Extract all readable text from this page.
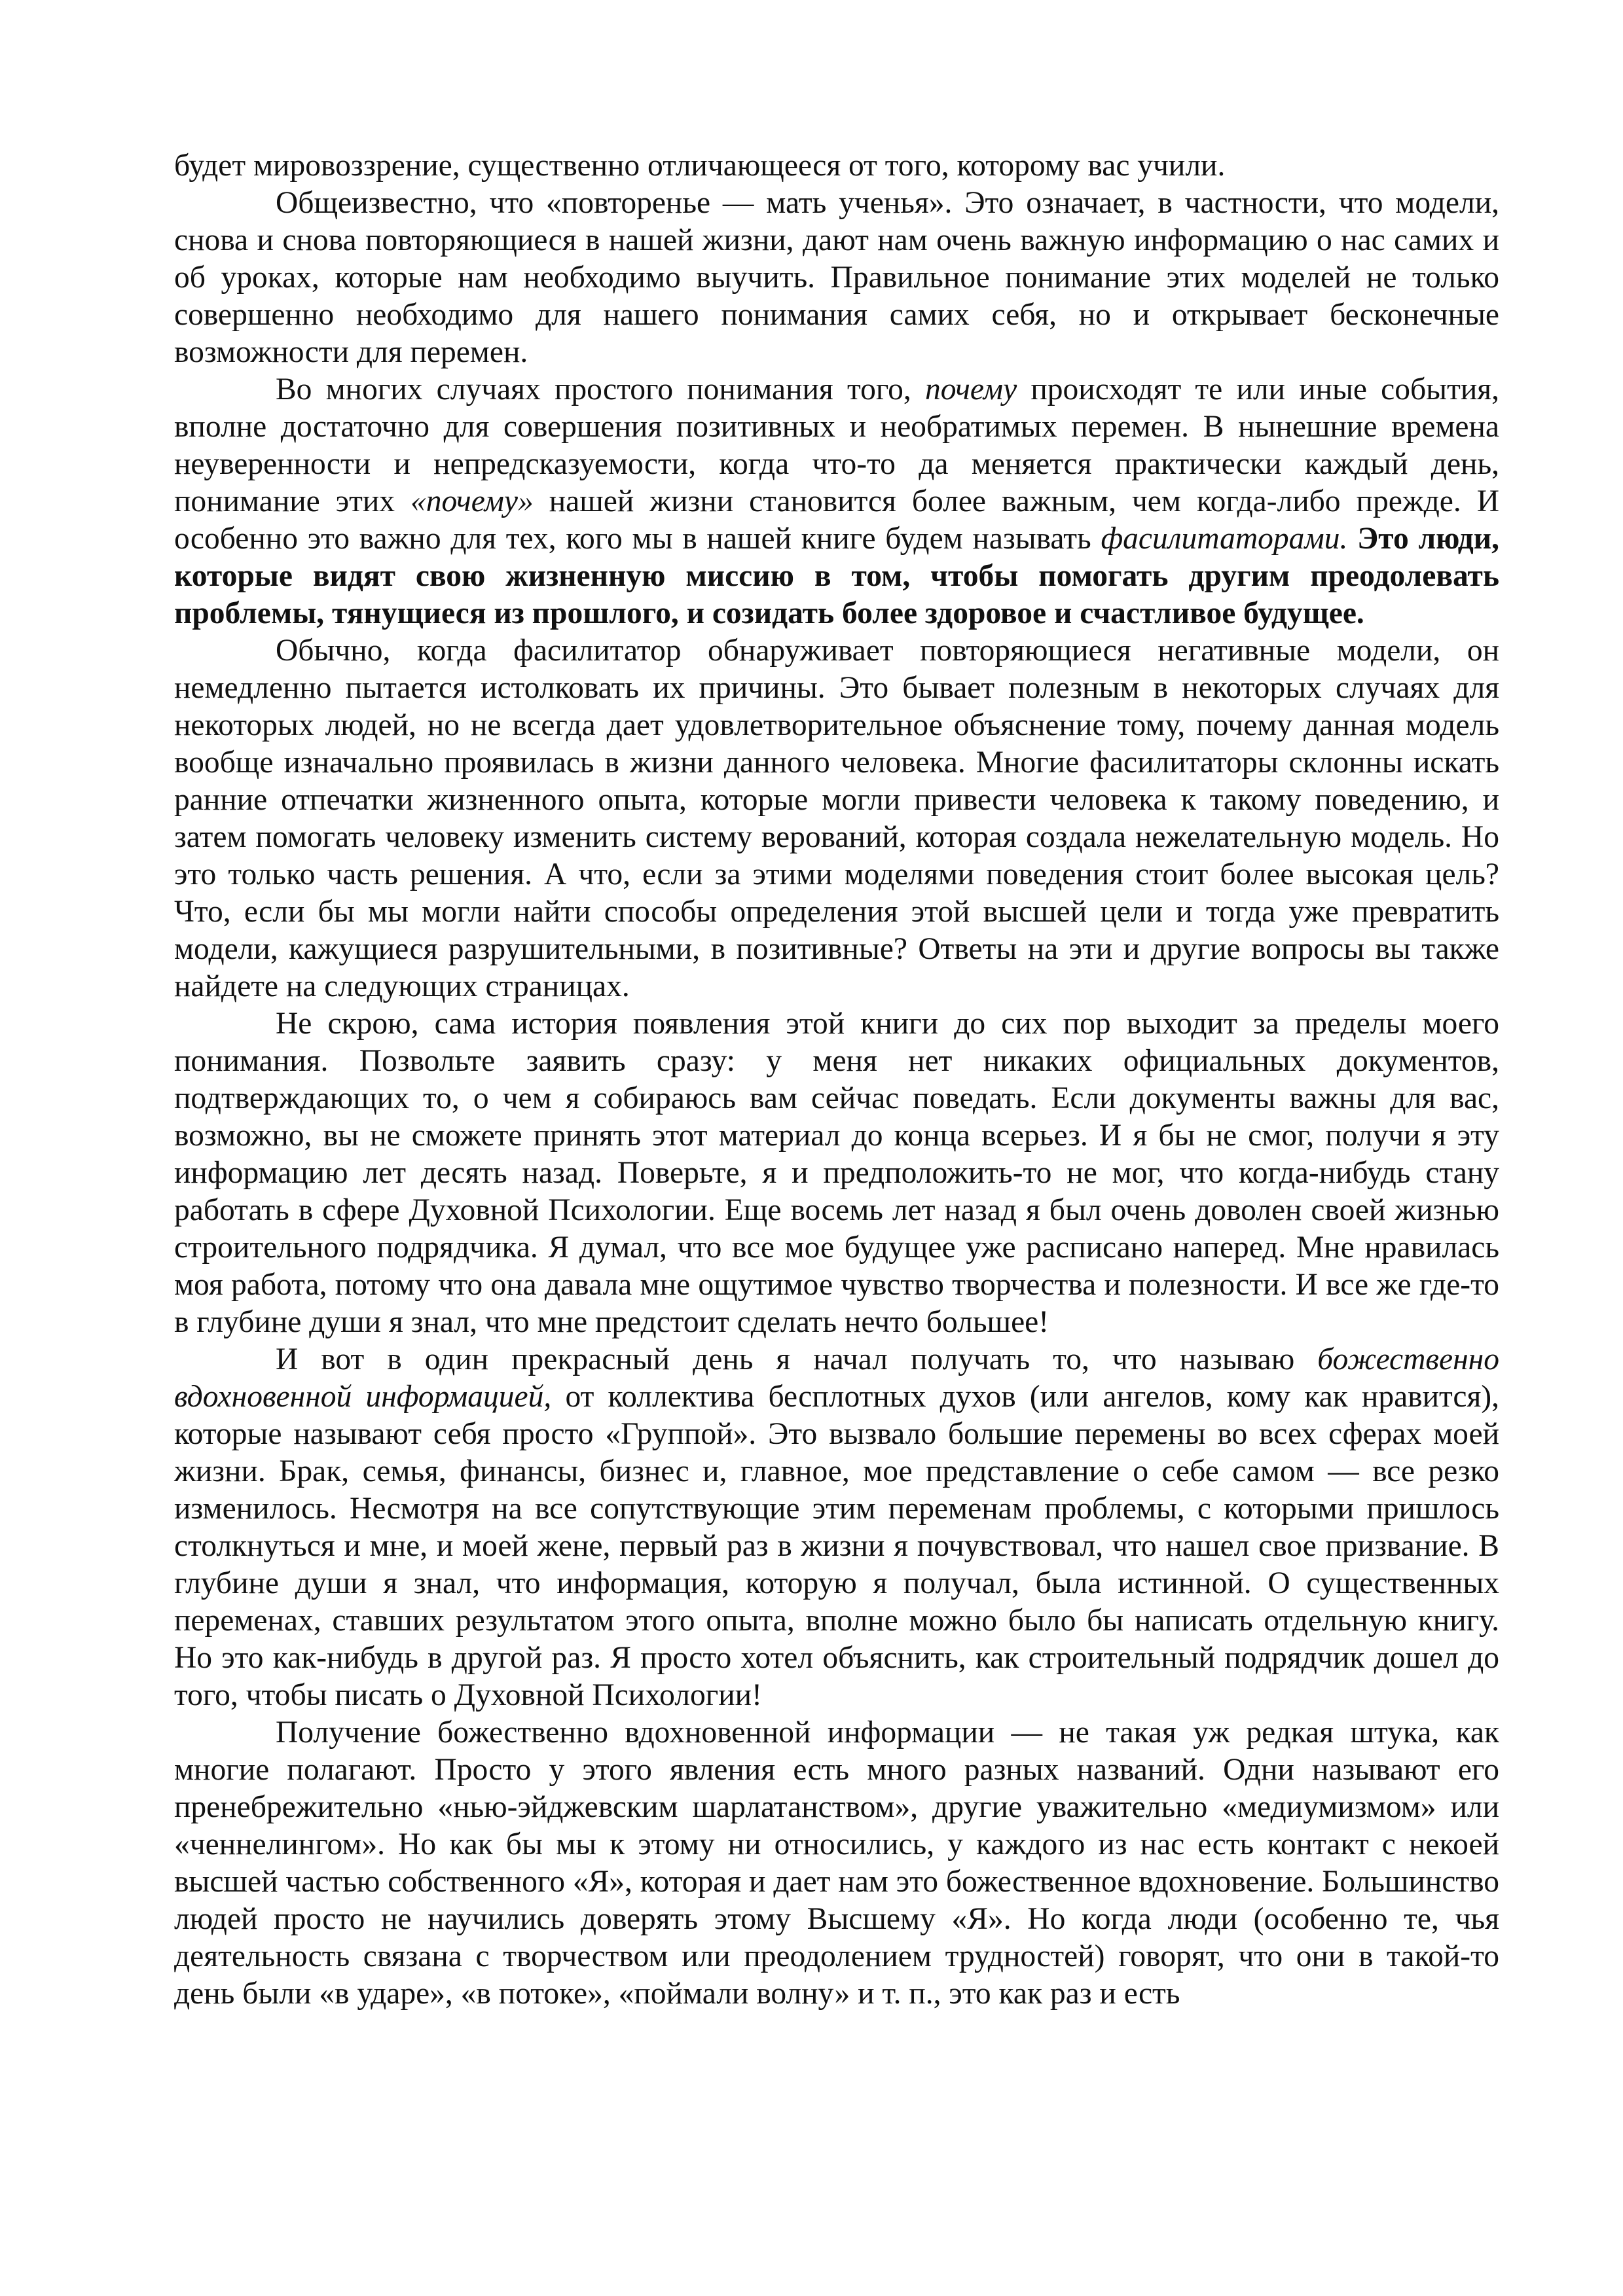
будет мировоззрение, существенно отличающееся от того, которому вас учили.

Общеизвестно, что «повторенье — мать ученья». Это означает, в частности, что модели, снова и снова повторяющиеся в нашей жизни, дают нам очень важную информацию о нас самих и об уроках, которые нам необходимо выучить. Правильное понимание этих моделей не только совершенно необходимо для нашего понимания самих себя, но и открывает бесконечные возможности для перемен.

Во многих случаях простого понимания того, почему происходят те или иные события, вполне достаточно для совершения позитивных и необратимых перемен. В нынешние времена неуверенности и непредсказуемости, когда что-то да меняется практически каждый день, понимание этих «почему» нашей жизни становится более важным, чем когда-либо прежде. И особенно это важно для тех, кого мы в нашей книге будем называть фасилитаторами. Это люди, которые видят свою жизненную миссию в том, чтобы помогать другим преодолевать проблемы, тянущиеся из прошлого, и созидать более здоровое и счастливое будущее.

Обычно, когда фасилитатор обнаруживает повторяющиеся негативные модели, он немедленно пытается истолковать их причины. Это бывает полезным в некоторых случаях для некоторых людей, но не всегда дает удовлетворительное объяснение тому, почему данная модель вообще изначально проявилась в жизни данного человека. Многие фасилитаторы склонны искать ранние отпечатки жизненного опыта, которые могли привести человека к такому поведению, и затем помогать человеку изменить систему верований, которая создала нежелательную модель. Но это только часть решения. А что, если за этими моделями поведения стоит более высокая цель? Что, если бы мы могли найти способы определения этой высшей цели и тогда уже превратить модели, кажущиеся разрушительными, в позитивные? Ответы на эти и другие вопросы вы также найдете на следующих страницах.

Не скрою, сама история появления этой книги до сих пор выходит за пределы моего понимания. Позвольте заявить сразу: у меня нет никаких официальных документов, подтверждающих то, о чем я собираюсь вам сейчас поведать. Если документы важны для вас, возможно, вы не сможете принять этот материал до конца всерьез. И я бы не смог, получи я эту информацию лет десять назад. Поверьте, я и предположить-то не мог, что когда-нибудь стану работать в сфере Духовной Психологии. Еще восемь лет назад я был очень доволен своей жизнью строительного подрядчика. Я думал, что все мое будущее уже расписано наперед. Мне нравилась моя работа, потому что она давала мне ощутимое чувство творчества и полезности. И все же где-то в глубине души я знал, что мне предстоит сделать нечто большее!

И вот в один прекрасный день я начал получать то, что называю божественно вдохновенной информацией, от коллектива бесплотных духов (или ангелов, кому как нравится), которые называют себя просто «Группой». Это вызвало большие перемены во всех сферах моей жизни. Брак, семья, финансы, бизнес и, главное, мое представление о себе самом — все резко изменилось. Несмотря на все сопутствующие этим переменам проблемы, с которыми пришлось столкнуться и мне, и моей жене, первый раз в жизни я почувствовал, что нашел свое призвание. В глубине души я знал, что информация, которую я получал, была истинной. О существенных переменах, ставших результатом этого опыта, вполне можно было бы написать отдельную книгу. Но это как-нибудь в другой раз. Я просто хотел объяснить, как строительный подрядчик дошел до того, чтобы писать о Духовной Психологии!

Получение божественно вдохновенной информации — не такая уж редкая штука, как многие полагают. Просто у этого явления есть много разных названий. Одни называют его пренебрежительно «нью-эйджевским шарлатанством», другие уважительно «медиумизмом» или «ченнелингом». Но как бы мы к этому ни относились, у каждого из нас есть контакт с некоей высшей частью собственного «Я», которая и дает нам это божественное вдохновение. Большинство людей просто не научились доверять этому Высшему «Я». Но когда люди (особенно те, чья деятельность связана с творчеством или преодолением трудностей) говорят, что они в такой-то день были «в ударе», «в потоке», «поймали волну» и т. п., это как раз и есть
